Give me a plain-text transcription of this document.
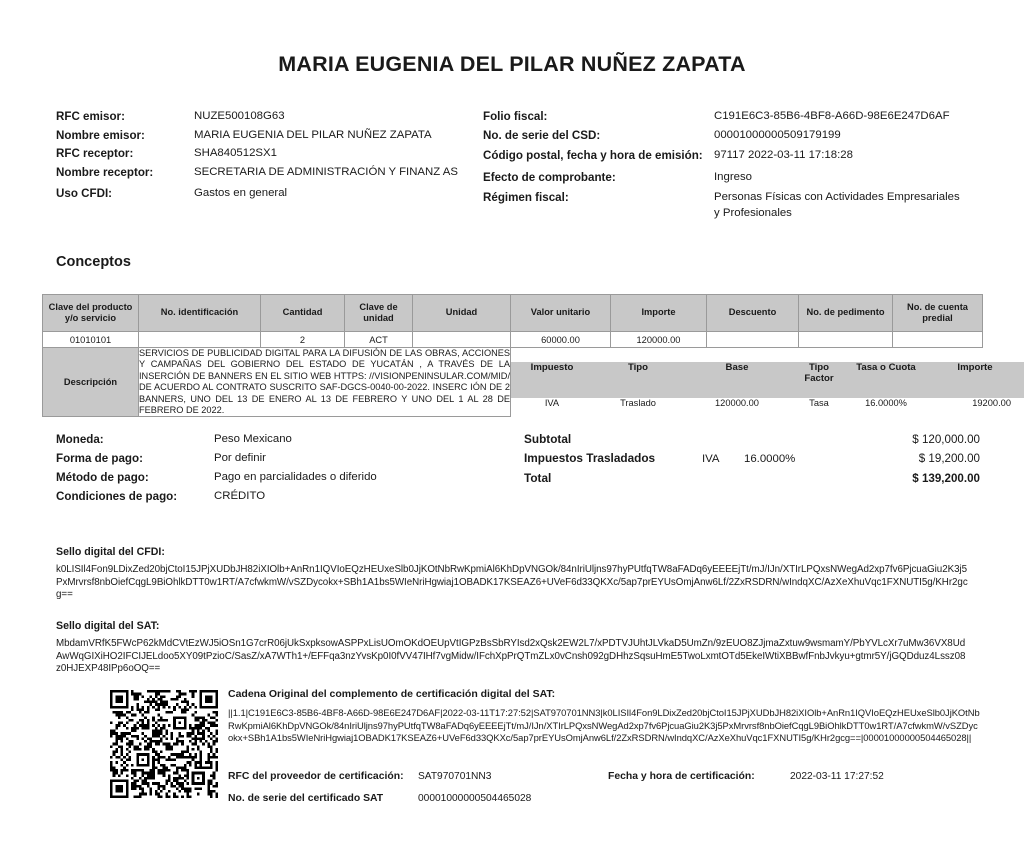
MARIA EUGENIA DEL PILAR NUÑEZ ZAPATA
RFC emisor:	NUZE500108G63
Nombre emisor:	MARIA EUGENIA DEL PILAR NUÑEZ ZAPATA
RFC receptor:	SHA840512SX1
Nombre receptor:	SECRETARIA DE ADMINISTRACIÓN Y FINANZ AS
Uso CFDI:	Gastos en general
Folio fiscal:	C191E6C3-85B6-4BF8-A66D-98E6E247D6AF
No. de serie del CSD:	00001000000509179199
Código postal, fecha y hora de emisión: 97117 2022-03-11 17:18:28
Efecto de comprobante:	Ingreso
Régimen fiscal:	Personas Físicas con Actividades Empresariales y Profesionales
Conceptos
Clave del producto y/o servicio	No. identificación	Cantidad	Clave de unidad	Unidad	Valor unitario	Importe	Descuento	No. de pedimento	No. de cuenta predial
01010101		2	ACT		60000.00	120000.00			
Descripción	
SERVICIOS DE PUBLICIDAD DIGITAL PARA LA DIFUSIÓN DE LAS OBRAS, ACCIONES Y CAMPAÑAS DEL GOBIERNO DEL ESTADO DE YUCATÁN , A TRAVÉS DE LA INSERCIÓN DE BANNERS EN EL SITIO WEB HTTPS: //VISIONPENINSULAR.COM/MID/ DE ACUERDO AL CONTRATO SUSCRITO SAF-DGCS-0040-00-2022. INSERC IÓN DE 2 BANNERS, UNO DEL 13 DE ENERO AL 13 DE FEBRERO Y UNO DEL 1 AL 28 DE FEBRERO DE 2022.

Impuesto	Tipo	Base	Tipo Factor	Tasa o Cuota	Importe
IVA	Traslado	120000.00	Tasa	16.0000%	19200.00
Moneda:	Peso Mexicano
Forma de pago:	Por definir
Método de pago:	Pago en parcialidades o diferido
Condiciones de pago:	CRÉDITO
Subtotal	$ 120,000.00
Impuestos Trasladados	IVA	16.0000%	$ 19,200.00
Total	$ 139,200.00
Sello digital del CFDI:
k0LISIl4Fon9LDixZed20bjCtoI15JPjXUDbJH82iXIOlb+AnRn1IQVIoEQzHEUxeSlb0JjKOtNbRwKpmiAl6KhDpVNGOk/84nIriUljns97hyPUtfqTW8aFADq6yEEEEjTt/mJ/IJn/XTIrLPQxsNWegAd2xp7fv6PjcuaGiu2K3j5PxMrvrsf8nbOiefCqgL9BiOhlkDTT0w1RT/A7cfwkmW/vSZDycokx+SBh1A1bs5WIeNriHgwiaj1OBADK17KSEAZ6+UVeF6d33QKXc/5ap7prEYUsOmjAnw6Lf/2ZxRSDRN/wIndqXC/AzXeXhuVqc1FXNUTI5g/KHr2gcg==
Sello digital del SAT:
MbdamVRfK5FWcP62kMdCVtEzWJ5iOSn1G7crR06jUkSxpksowASPPxLisUOmOKdOEUpVtIGPzBsSbRYIsd2xQsk2EW2L7/xPDTVJUhtJLVkaD5UmZn/9zEUO8ZJjmaZxtuw9wsmamY/PbYVLcXr7uMw36VX8UdAwWqGIXiHO2IFCIJELdoo5XY09tPzioC/SasZ/xA7WTh1+/EFFqa3nzYvsKp0I0fVV47IHf7vgMidw/IFchXpPrQTmZLx0vCnsh092gDHhzSqsuHmE5TwoLxmtOTd5EkeIWtiXBBwfFnbJvkyu+gtmr5Y/jGQDduz4Lssz08z0HJEXP48IPp6oOQ==
Cadena Original del complemento de certificación digital del SAT:
||1.1|C191E6C3-85B6-4BF8-A66D-98E6E247D6AF|2022-03-11T17:27:52|SAT970701NN3|k0LISIl4Fon9LDixZed20bjCtoI15JPjXUDbJH82iXIOlb+AnRn1IQVIoEQzHEUxeSlb0JjKOtNbRwKpmiAl6KhDpVNGOk/84nIriUljns97hyPUtfqTW8aFADq6yEEEEjTt/mJ/IJn/XTIrLPQxsNWegAd2xp7fv6PjcuaGiu2K3j5PxMrvrsf8nbOiefCqgL9BiOhlkDTT0w1RT/A7cfwkmW/vSZDycokx+SBh1A1bs5WIeNriHgwiaj1OBADK17KSEAZ6+UVeF6d33QKXc/5ap7prEYUsOmjAnw6Lf/2ZxRSDRN/wIndqXC/AzXeXhuVqc1FXNUTI5g/KHr2gcg==|00001000000504465028||
RFC del proveedor de certificación:	SAT970701NN3	Fecha y hora de certificación:	2022-03-11 17:27:52
No. de serie del certificado SAT	00001000000504465028
